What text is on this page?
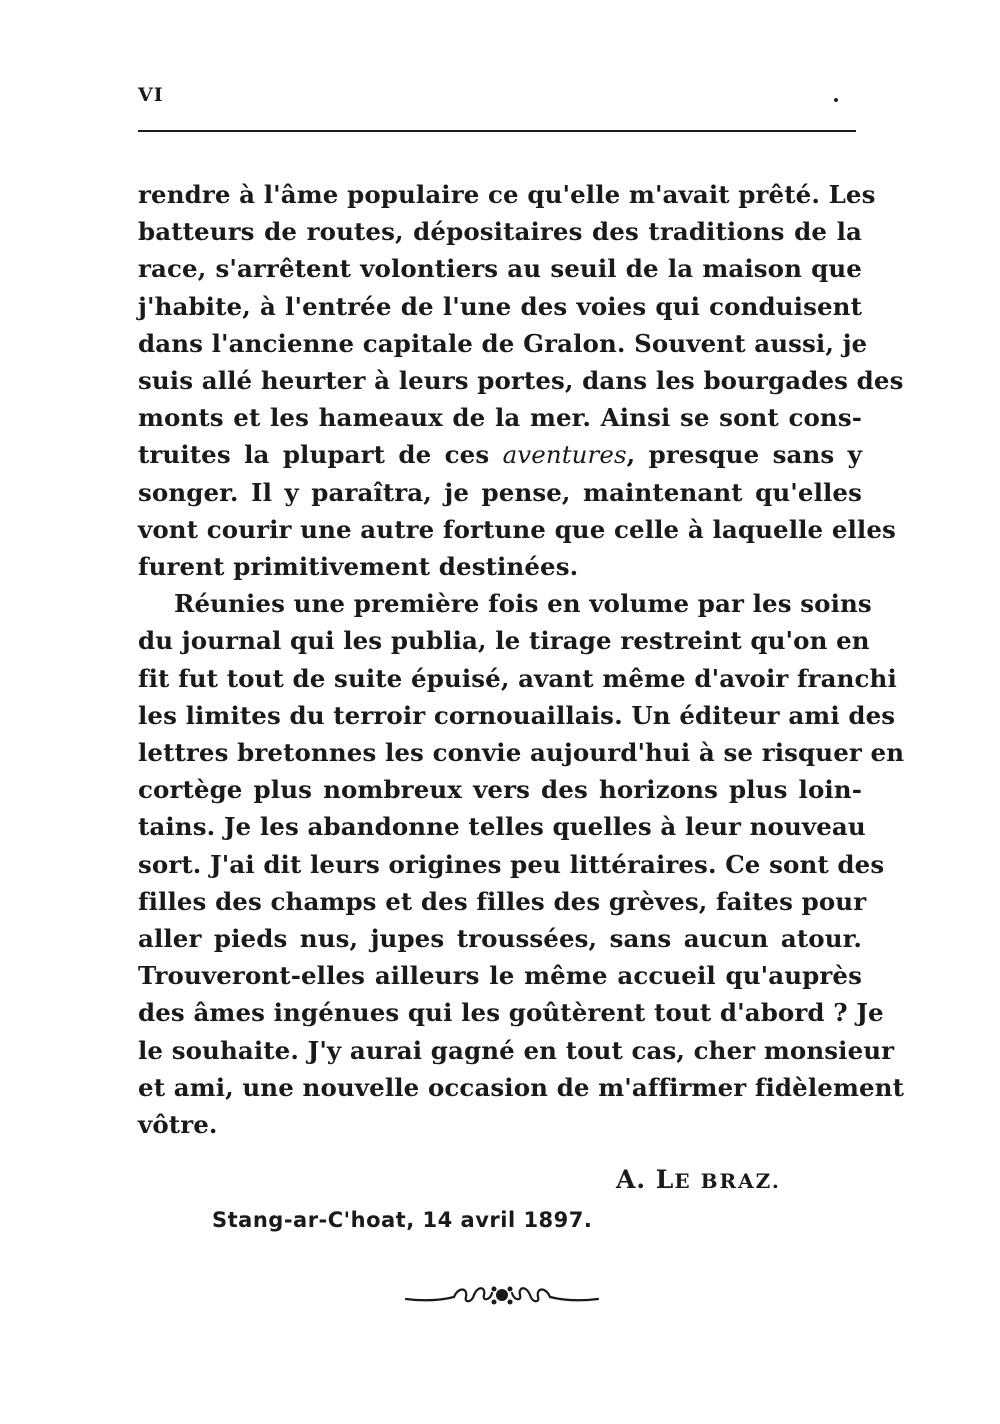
VI
rendre à l'âme populaire ce qu'elle m'avait prêté. Les
batteurs de routes, dépositaires des traditions de la
race, s'arrêtent volontiers au seuil de la maison que
j'habite, à l'entrée de l'une des voies qui conduisent
dans l'ancienne capitale de Gralon. Souvent aussi, je
suis allé heurter à leurs portes, dans les bourgades des
monts et les hameaux de la mer. Ainsi se sont cons-
truites la plupart de ces aventures, presque sans y
songer. Il y paraîtra, je pense, maintenant qu'elles
vont courir une autre fortune que celle à laquelle elles
furent primitivement destinées.
Réunies une première fois en volume par les soins
du journal qui les publia, le tirage restreint qu'on en
fit fut tout de suite épuisé, avant même d'avoir franchi
les limites du terroir cornouaillais. Un éditeur ami des
lettres bretonnes les convie aujourd'hui à se risquer en
cortège plus nombreux vers des horizons plus loin-
tains. Je les abandonne telles quelles à leur nouveau
sort. J'ai dit leurs origines peu littéraires. Ce sont des
filles des champs et des filles des grèves, faites pour
aller pieds nus, jupes troussées, sans aucun atour.
Trouveront-elles ailleurs le même accueil qu'auprès
des âmes ingénues qui les goûtèrent tout d'abord ? Je
le souhaite. J'y aurai gagné en tout cas, cher monsieur
et ami, une nouvelle occasion de m'affirmer fidèlement
vôtre.
A. LE BRAZ.
Stang-ar-C'hoat, 14 avril 1897.
